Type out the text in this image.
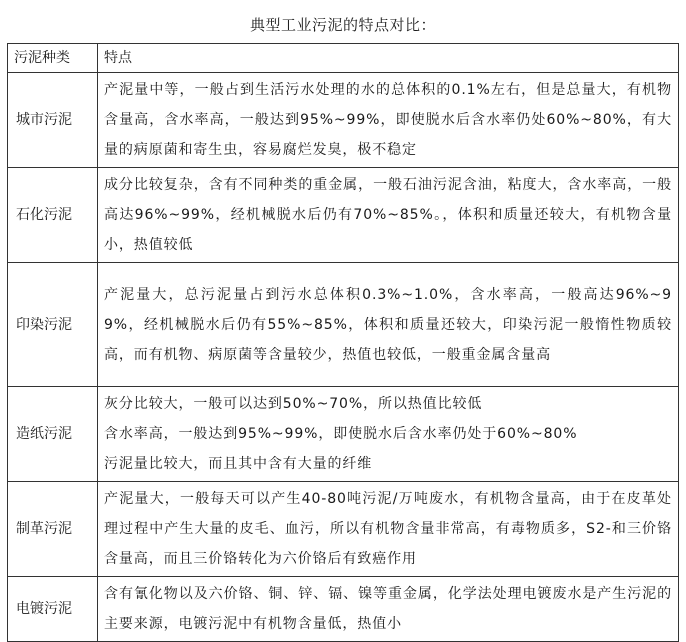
典型工业污泥的特点对比：
污泥种类	特点
城市污泥	产泥量中等，一般占到生活污水处理的水的总体积的0.1%左右，但是总量大，有机物含量高，含水率高，一般达到95%~99%，即使脱水后含水率仍处60%~80%，有大量的病原菌和寄生虫，容易腐烂发臭，极不稳定

石化污泥	成分比较复杂，含有不同种类的重金属，一般石油污泥含油，粘度大，含水率高，一般高达96%~99%，经机械脱水后仍有70%~85%。，体积和质量还较大，有机物含量小，热值较低

印染污泥	产泥量大，总污泥量占到污水总体积0.3%~1.0%，含水率高，一般高达96%~99%，经机械脱水后仍有55%~85%，体积和质量还较大，印染污泥一般惰性物质较高，而有机物、病原菌等含量较少，热值也较低，一般重金属含量高

造纸污泥	灰分比较大，一般可以达到50%~70%，所以热值比较低
含水率高，一般达到95%~99%，即使脱水后含水率仍处于60%~80%
污泥量比较大，而且其中含有大量的纤维

制革污泥	产泥量大，一般每天可以产生40-80吨污泥/万吨废水，有机物含量高，由于在皮革处理过程中产生大量的皮毛、血污，所以有机物含量非常高，有毒物质多，S2-和三价铬含量高，而且三价铬转化为六价铬后有致癌作用

电镀污泥	含有氰化物以及六价铬、铜、锌、镉、镍等重金属，化学法处理电镀废水是产生污泥的主要来源，电镀污泥中有机物含量低，热值小
